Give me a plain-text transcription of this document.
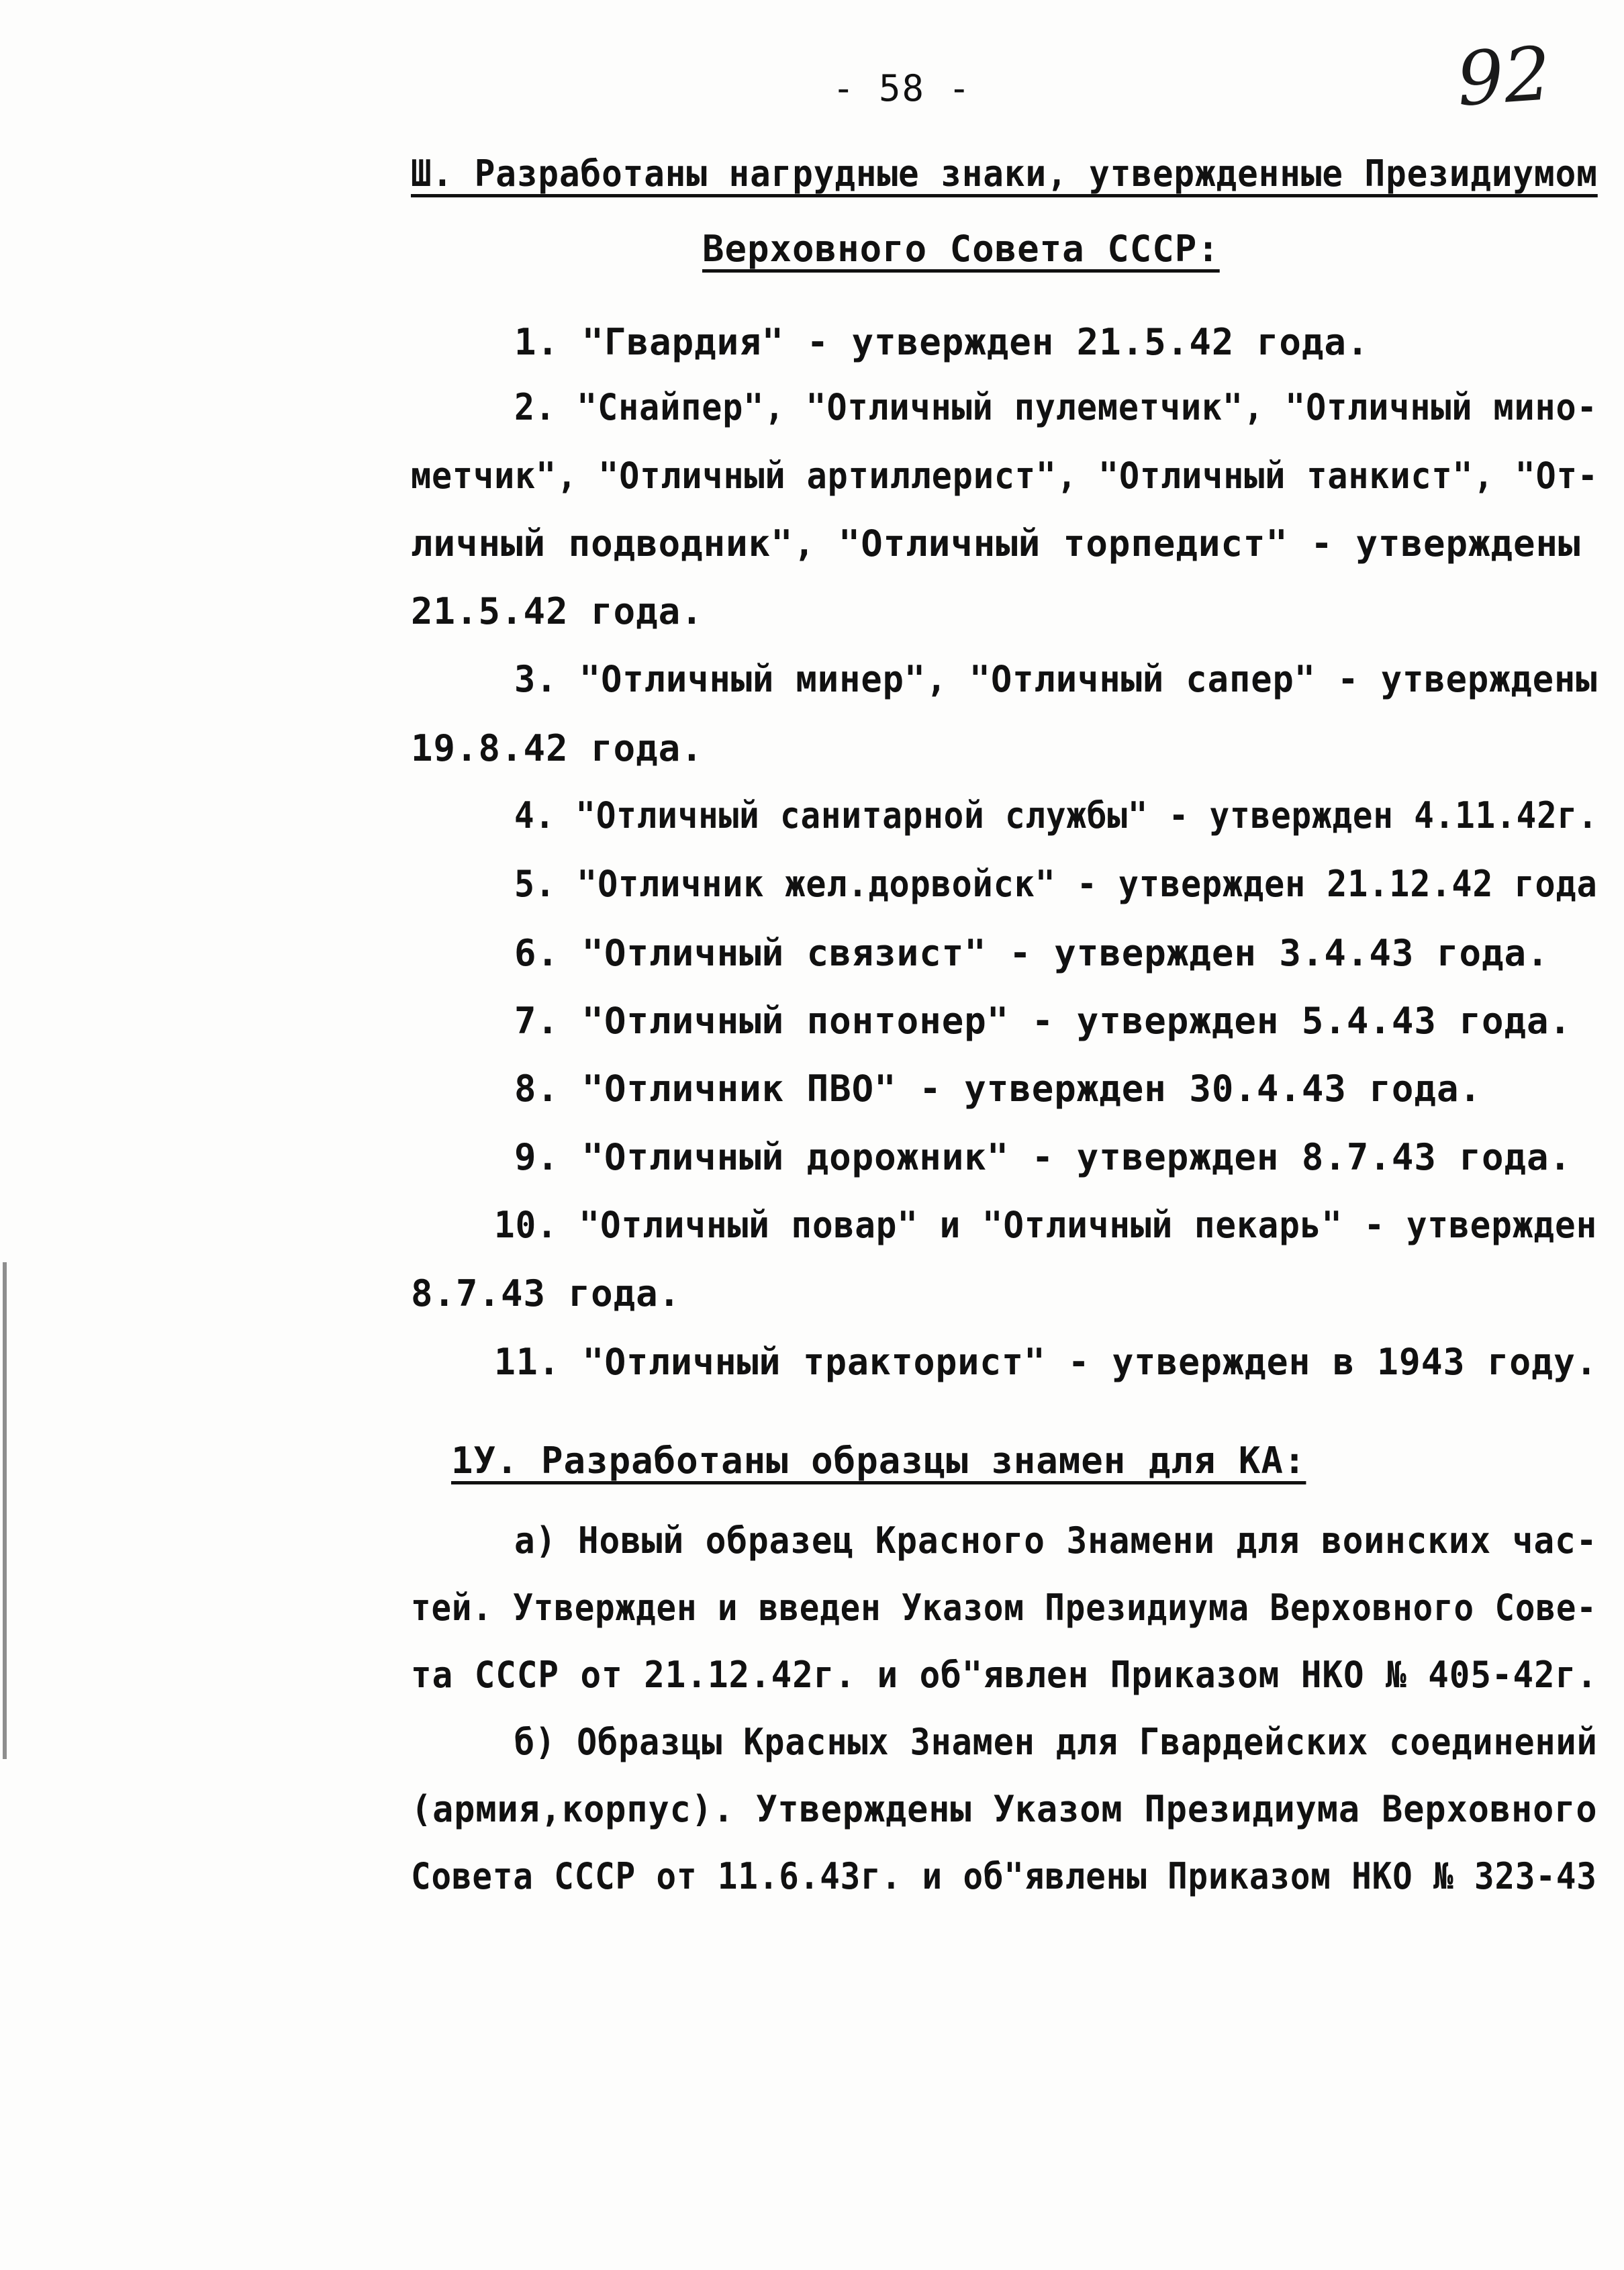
- 58 -	92
Ш. Разработаны нагрудные знаки, утвержденные Президиумом
Верховного Совета СССР:
1. "Гвардия" - утвержден 21.5.42 года.
2. "Снайпер", "Отличный пулеметчик", "Отличный мино-
метчик", "Отличный артиллерист", "Отличный танкист", "От-
личный подводник", "Отличный торпедист" - утверждены
21.5.42 года.
3. "Отличный минер", "Отличный сапер" - утверждены
19.8.42 года.
4. "Отличный санитарной службы" - утвержден 4.11.42г.
5. "Отличник жел.дорвойск" - утвержден 21.12.42 года
6. "Отличный связист" - утвержден 3.4.43 года.
7. "Отличный понтонер" - утвержден 5.4.43 года.
8. "Отличник ПВО" - утвержден 30.4.43 года.
9. "Отличный дорожник" - утвержден 8.7.43 года.
10. "Отличный повар" и "Отличный пекарь" - утвержден
8.7.43 года.
11. "Отличный тракторист" - утвержден в 1943 году.
1У. Разработаны образцы знамен для КА:
а) Новый образец Красного Знамени для воинских час-
тей. Утвержден и введен Указом Президиума Верховного Сове-
та СССР от 21.12.42г. и об"явлен Приказом НКО № 405-42г.
б) Образцы Красных Знамен для Гвардейских соединений
(армия,корпус). Утверждены Указом Президиума Верховного
Совета СССР от 11.6.43г. и об"явлены Приказом НКО № 323-43
